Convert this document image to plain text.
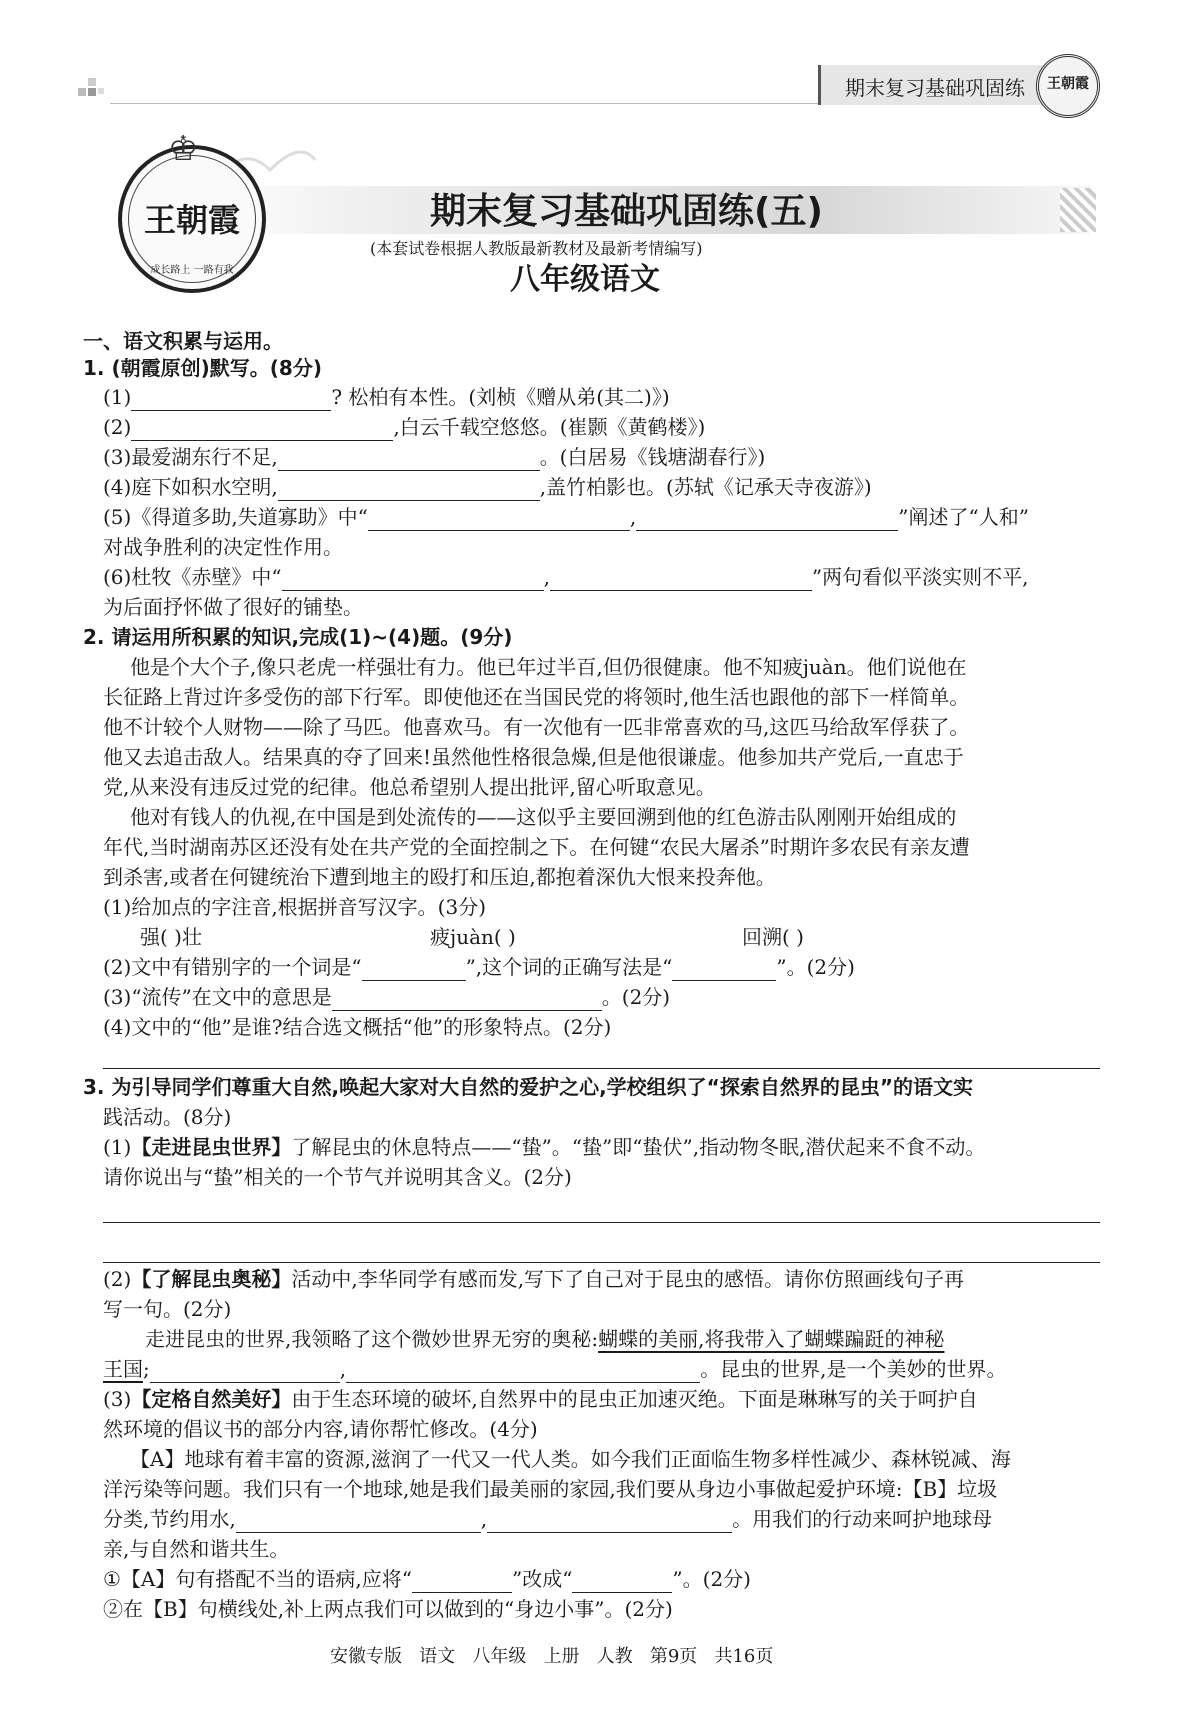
期末复习基础巩固练	王朝霞
♔
王朝霞
成长路上 一路有我
期末复习基础巩固练(五)
(本套试卷根据人教版最新教材及最新考情编写)
八年级语文
一、语文积累与运用。
1. (朝霞原创)默写。(8分)
(1)	? 松柏有本性。(刘桢《赠从弟(其二)》)
(2)	,白云千载空悠悠。(崔颢《黄鹤楼》)
(3)最爱湖东行不足,	。(白居易《钱塘湖春行》)
(4)庭下如积水空明,	,盖竹柏影也。(苏轼《记承天寺夜游》)
(5)《得道多助,失道寡助》中“	,	”阐述了“人和”
对战争胜利的决定性作用。
(6)杜牧《赤壁》中“	,	”两句看似平淡实则不平,
为后面抒怀做了很好的铺垫。
2. 请运用所积累的知识,完成(1)~(4)题。(9分)
他是个大个子,像只老虎一样强壮有力。他已年过半百,但仍很健康。他不知疲juàn。他们说他在
长征路上背过许多受伤的部下行军。即使他还在当国民党的将领时,他生活也跟他的部下一样简单。
他不计较个人财物——除了马匹。他喜欢马。有一次他有一匹非常喜欢的马,这匹马给敌军俘获了。
他又去追击敌人。结果真的夺了回来!虽然他性格很急燥,但是他很谦虚。他参加共产党后,一直忠于
党,从来没有违反过党的纪律。他总希望别人提出批评,留心听取意见。
他对有钱人的仇视,在中国是到处流传的——这似乎主要回溯到他的红色游击队刚刚开始组成的
年代,当时湖南苏区还没有处在共产党的全面控制之下。在何键“农民大屠杀”时期许多农民有亲友遭
到杀害,或者在何键统治下遭到地主的殴打和压迫,都抱着深仇大恨来投奔他。
(1)给加点的字注音,根据拼音写汉字。(3分)
强( )壮	疲juàn( )	回溯( )
(2)文中有错别字的一个词是“	”,这个词的正确写法是“	”。(2分)
(3)“流传”在文中的意思是	。(2分)
(4)文中的“他”是谁?结合选文概括“他”的形象特点。(2分)
3. 为引导同学们尊重大自然,唤起大家对大自然的爱护之心,学校组织了“探索自然界的昆虫”的语文实
践活动。(8分)
(1)【走进昆虫世界】了解昆虫的休息特点——“蛰”。“蛰”即“蛰伏”,指动物冬眠,潜伏起来不食不动。
请你说出与“蛰”相关的一个节气并说明其含义。(2分)
(2)【了解昆虫奥秘】活动中,李华同学有感而发,写下了自己对于昆虫的感悟。请你仿照画线句子再
写一句。(2分)
走进昆虫的世界,我领略了这个微妙世界无穷的奥秘:蝴蝶的美丽,将我带入了蝴蝶蹁跹的神秘
王国;	,	。昆虫的世界,是一个美妙的世界。
(3)【定格自然美好】由于生态环境的破坏,自然界中的昆虫正加速灭绝。下面是琳琳写的关于呵护自
然环境的倡议书的部分内容,请你帮忙修改。(4分)
【A】地球有着丰富的资源,滋润了一代又一代人类。如今我们正面临生物多样性减少、森林锐减、海
洋污染等问题。我们只有一个地球,她是我们最美丽的家园,我们要从身边小事做起爱护环境:【B】垃圾
分类,节约用水,	,	。用我们的行动来呵护地球母
亲,与自然和谐共生。
①【A】句有搭配不当的语病,应将“	”改成“	”。(2分)
②在【B】句横线处,补上两点我们可以做到的“身边小事”。(2分)
安徽专版   语文   八年级   上册   人教   第9页   共16页
